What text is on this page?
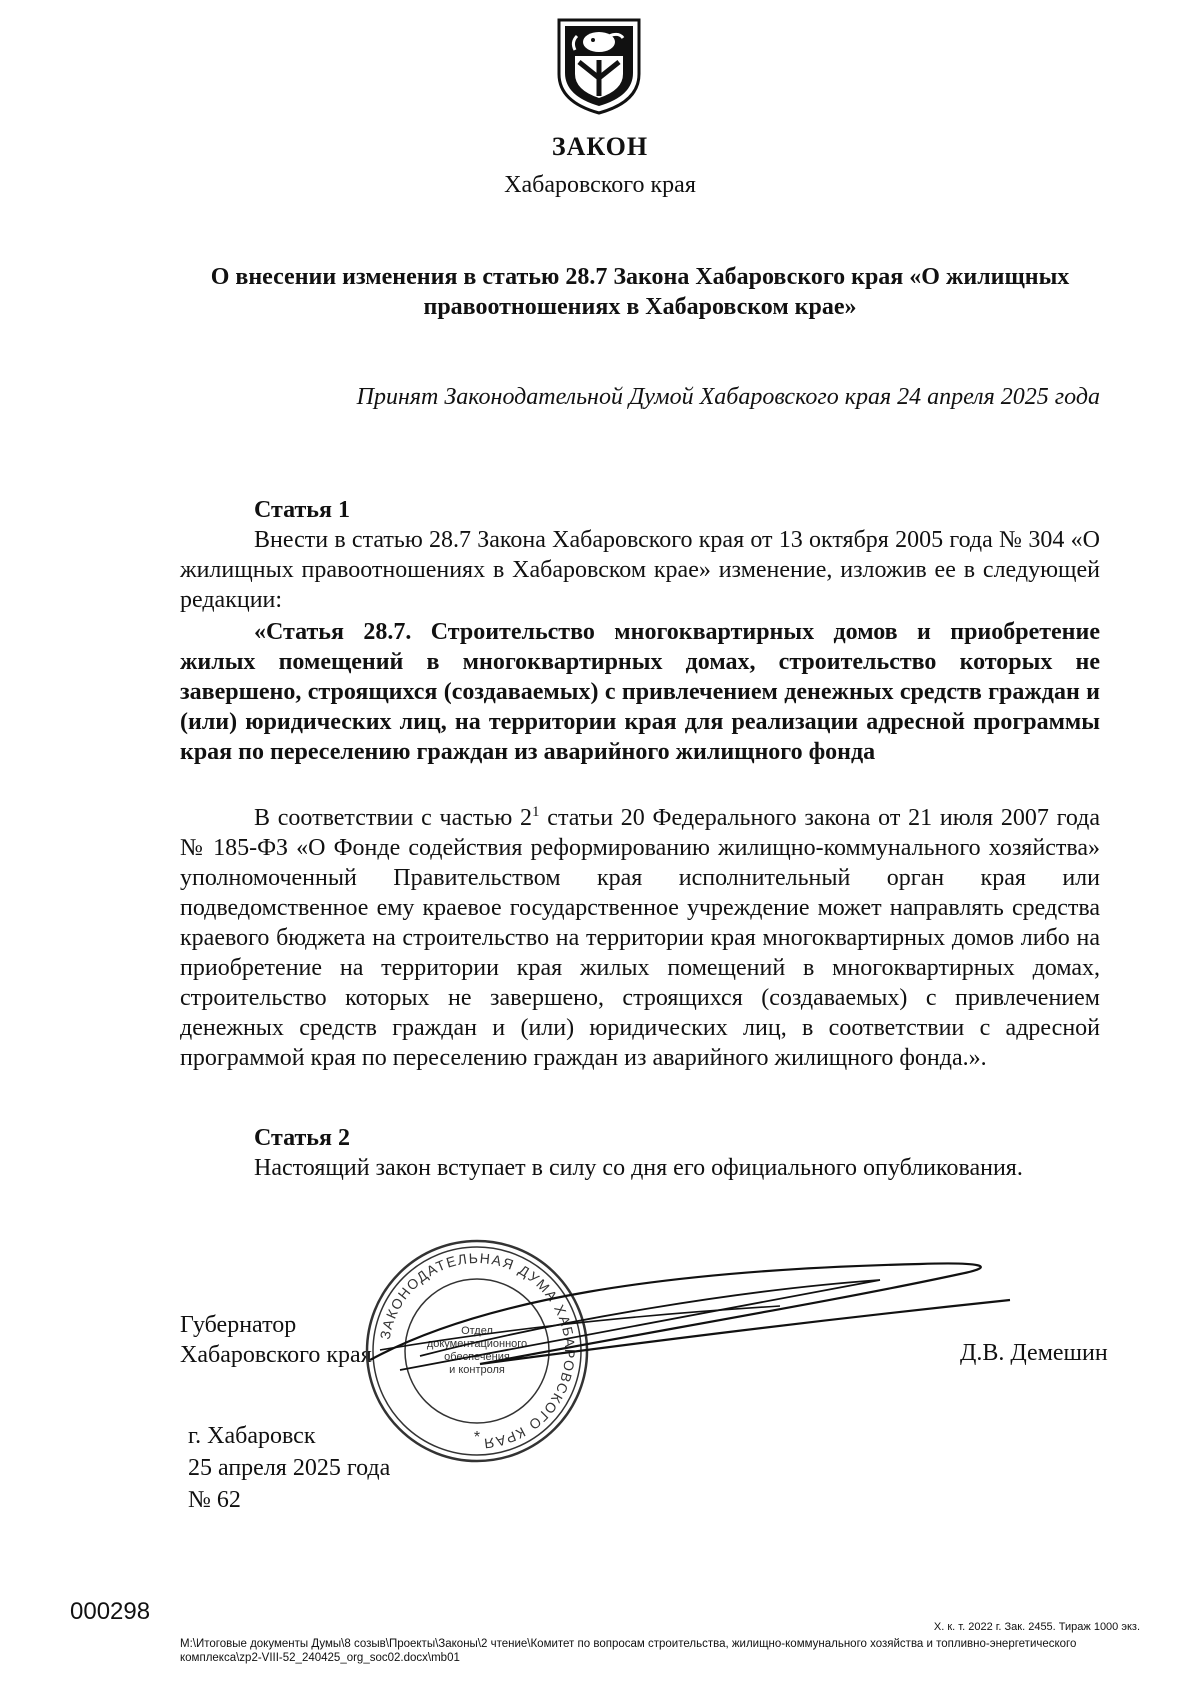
ЗАКОН
Хабаровского края
О внесении изменения в статью 28.7 Закона Хабаровского края «О жилищных
правоотношениях в Хабаровском крае»
Принят Законодательной Думой Хабаровского края 24 апреля 2025 года
Статья 1

Внести в статью 28.7 Закона Хабаровского края от 13 октября 2005 года № 304 «О жилищных правоотношениях в Хабаровском крае» изменение, изложив ее в следующей редакции:

«Статья 28.7. Строительство многоквартирных домов и приобретение жилых помещений в многоквартирных домах, строительство которых не завершено, строящихся (создаваемых) с привлечением денежных средств граждан и (или) юридических лиц, на территории края для реализации адресной программы края по переселению граждан из аварийного жилищного фонда

В соответствии с частью $2^1$ статьи 20 Федерального закона от 21 июля 2007 года № 185-ФЗ «О Фонде содействия реформированию жилищно-коммунального хозяйства» уполномоченный Правительством края исполнительный орган края или подведомственное ему краевое государственное учреждение может направлять средства краевого бюджета на строительство на территории края многоквартирных домов либо на приобретение на территории края жилых помещений в многоквартирных домах, строительство которых не завершено, строящихся (создаваемых) с привлечением денежных средств граждан и (или) юридических лиц, в соответствии с адресной программой края по переселению граждан из аварийного жилищного фонда.».

Статья 2
Настоящий закон вступает в силу со дня его официального опубликования.
Губернатор
Хабаровского края	Д.В. Демешин
ЗАКОНОДАТЕЛЬНАЯ ДУМА ХАБАРОВСКОГО КРАЯ
Отдел
документационного
обеспечения
и контроля
*
г. Хабаровск
25 апреля 2025 года
№ 62
000298
Х. к. т. 2022 г. Зак. 2455. Тираж 1000 экз.
M:\Итоговые документы Думы\8 созыв\Проекты\Законы\2 чтение\Комитет по вопросам строительства, жилищно-коммунального хозяйства и топливно-энергетического комплекса\zp2-VIII-52_240425_org_soc02.docx\mb01
